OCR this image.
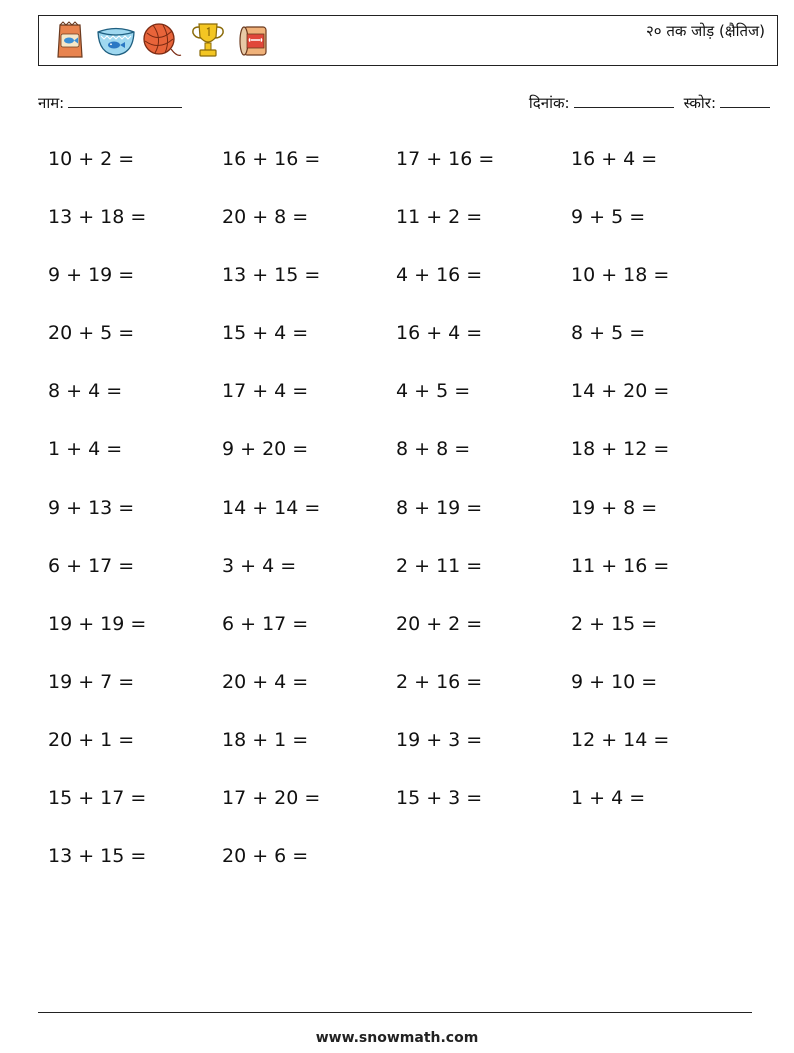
२० तक जोड़ (क्षैतिज)
नाम:	दिनांक:	स्कोर:
10 + 2 =	16 + 16 =	17 + 16 =	16 + 4 =
13 + 18 =	20 + 8 =	11 + 2 =	9 + 5 =
9 + 19 =	13 + 15 =	4 + 16 =	10 + 18 =
20 + 5 =	15 + 4 =	16 + 4 =	8 + 5 =
8 + 4 =	17 + 4 =	4 + 5 =	14 + 20 =
1 + 4 =	9 + 20 =	8 + 8 =	18 + 12 =
9 + 13 =	14 + 14 =	8 + 19 =	19 + 8 =
6 + 17 =	3 + 4 =	2 + 11 =	11 + 16 =
19 + 19 =	6 + 17 =	20 + 2 =	2 + 15 =
19 + 7 =	20 + 4 =	2 + 16 =	9 + 10 =
20 + 1 =	18 + 1 =	19 + 3 =	12 + 14 =
15 + 17 =	17 + 20 =	15 + 3 =	1 + 4 =
13 + 15 =	20 + 6 =
www.snowmath.com
